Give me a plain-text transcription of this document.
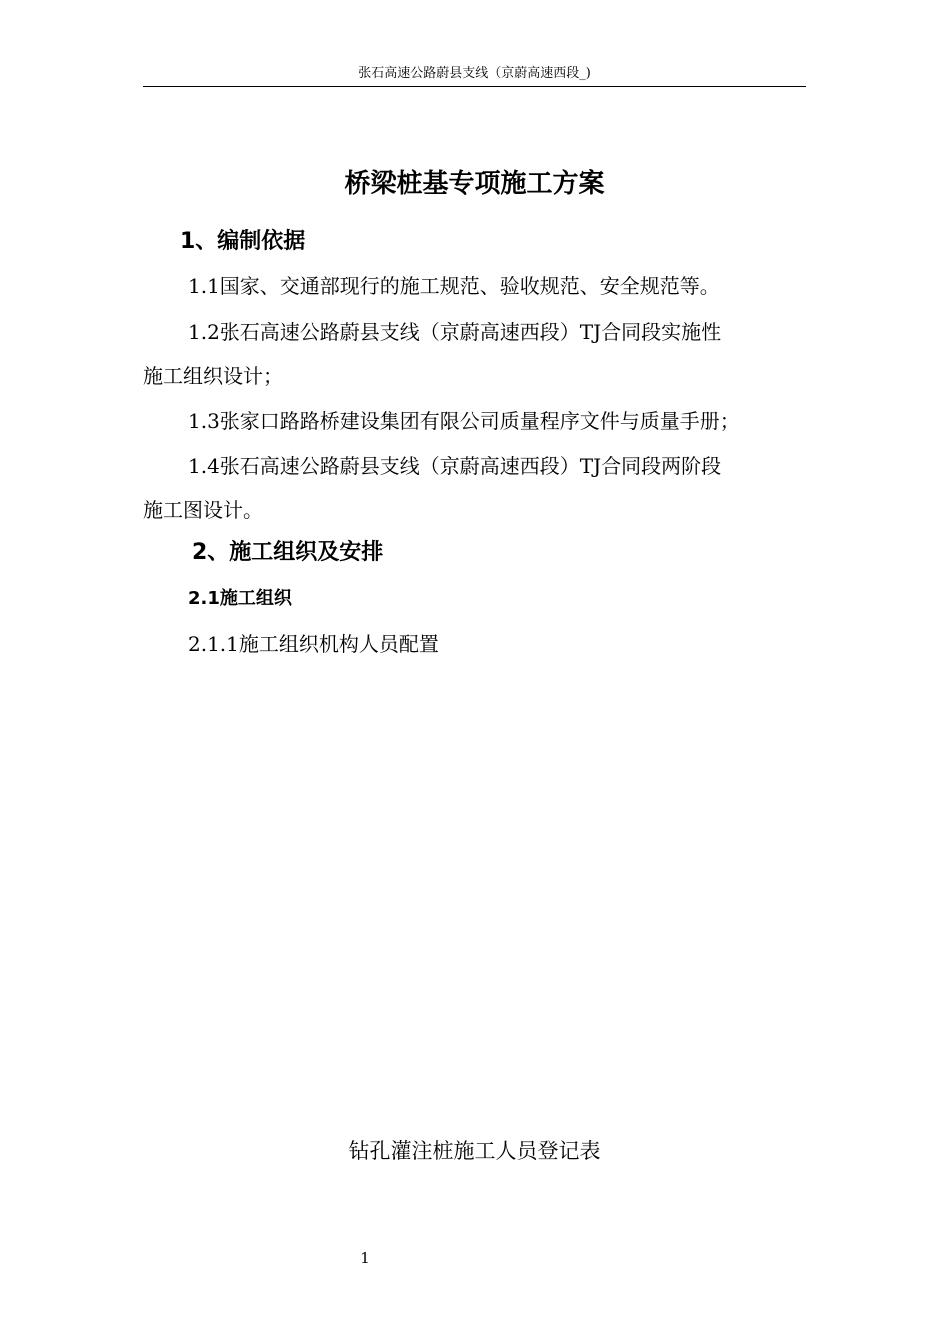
张石高速公路蔚县支线（京蔚高速西段_)
桥梁桩基专项施工方案
1、编制依据
1.1国家、交通部现行的施工规范、验收规范、安全规范等。
1.2张石高速公路蔚县支线（京蔚高速西段）TJ合同段实施性
施工组织设计；
1.3张家口路路桥建设集团有限公司质量程序文件与质量手册；
1.4张石高速公路蔚县支线（京蔚高速西段）TJ合同段两阶段
施工图设计。
2、施工组织及安排
2.1施工组织
2.1.1施工组织机构人员配置
钻孔灌注桩施工人员登记表
1
